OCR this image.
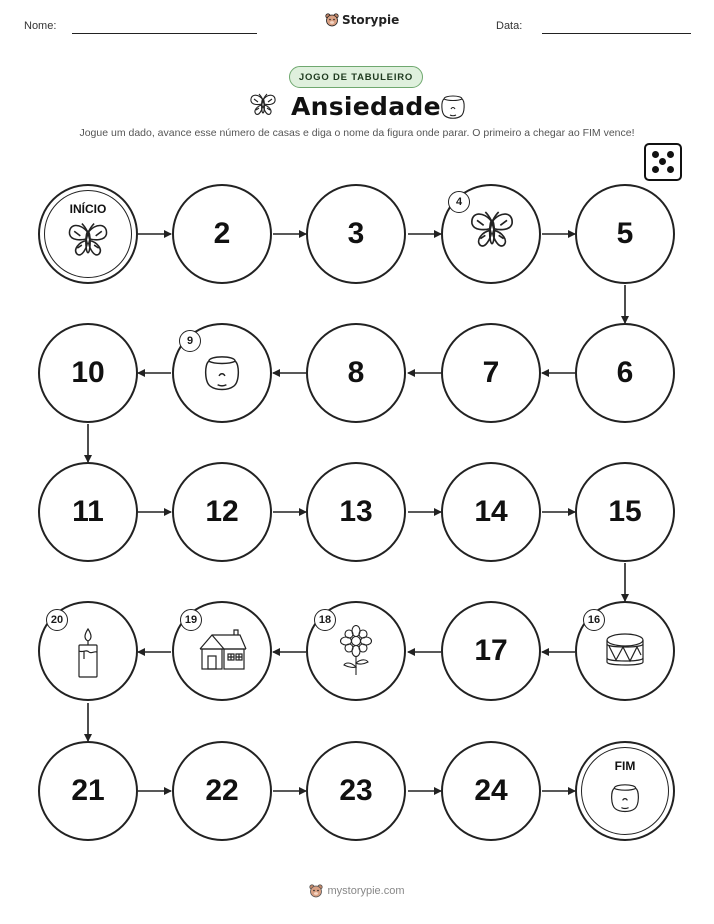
Nome:	Storypie	Data:
JOGO DE TABULEIRO
Ansiedade
Jogue um dado, avance esse número de casas e diga o nome da figura onde parar. O primeiro a chegar ao FIM vence!
INÍCIO
2	3
4
5
6
7
8
9
10
11	12	13	14	15
16
17
18
19
20
21	22	23	24
FIM
mystorypie.com
